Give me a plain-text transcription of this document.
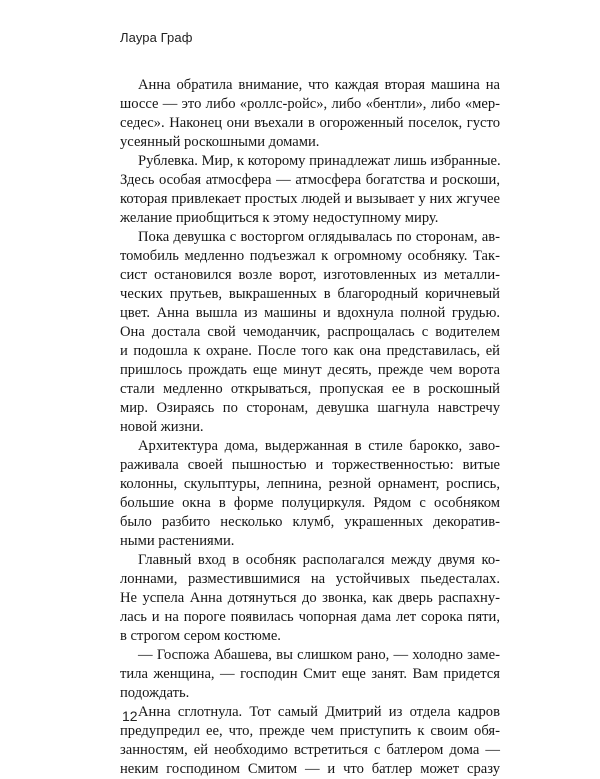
Лаура Граф
Анна обратила внимание, что каждая вторая машина на
шоссе — это либо «роллс-ройс», либо «бентли», либо «мер-
седес». Наконец они въехали в огороженный поселок, густо
усеянный роскошными домами.
Рублевка. Мир, к которому принадлежат лишь избранные.
Здесь особая атмосфера — атмосфера богатства и роскоши,
которая привлекает простых людей и вызывает у них жгучее
желание приобщиться к этому недоступному миру.
Пока девушка с восторгом оглядывалась по сторонам, ав-
томобиль медленно подъезжал к огромному особняку. Так-
сист остановился возле ворот, изготовленных из металли-
ческих прутьев, выкрашенных в благородный коричневый
цвет. Анна вышла из машины и вдохнула полной грудью.
Она достала свой чемоданчик, распрощалась с водителем
и подошла к охране. После того как она представилась, ей
пришлось прождать еще минут десять, прежде чем ворота
стали медленно открываться, пропуская ее в роскошный
мир. Озираясь по сторонам, девушка шагнула навстречу
новой жизни.
Архитектура дома, выдержанная в стиле барокко, заво-
раживала своей пышностью и торжественностью: витые
колонны, скульптуры, лепнина, резной орнамент, роспись,
большие окна в форме полуциркуля. Рядом с особняком
было разбито несколько клумб, украшенных декоратив-
ными растениями.
Главный вход в особняк располагался между двумя ко-
лоннами, разместившимися на устойчивых пьедесталах.
Не успела Анна дотянуться до звонка, как дверь распахну-
лась и на пороге появилась чопорная дама лет сорока пяти,
в строгом сером костюме.
— Госпожа Абашева, вы слишком рано, — холодно заме-
тила женщина, — господин Смит еще занят. Вам придется
подождать.
Анна сглотнула. Тот самый Дмитрий из отдела кадров
предупредил ее, что, прежде чем приступить к своим обя-
занностям, ей необходимо встретиться с батлером дома —
неким господином Смитом — и что батлер может сразу
12
